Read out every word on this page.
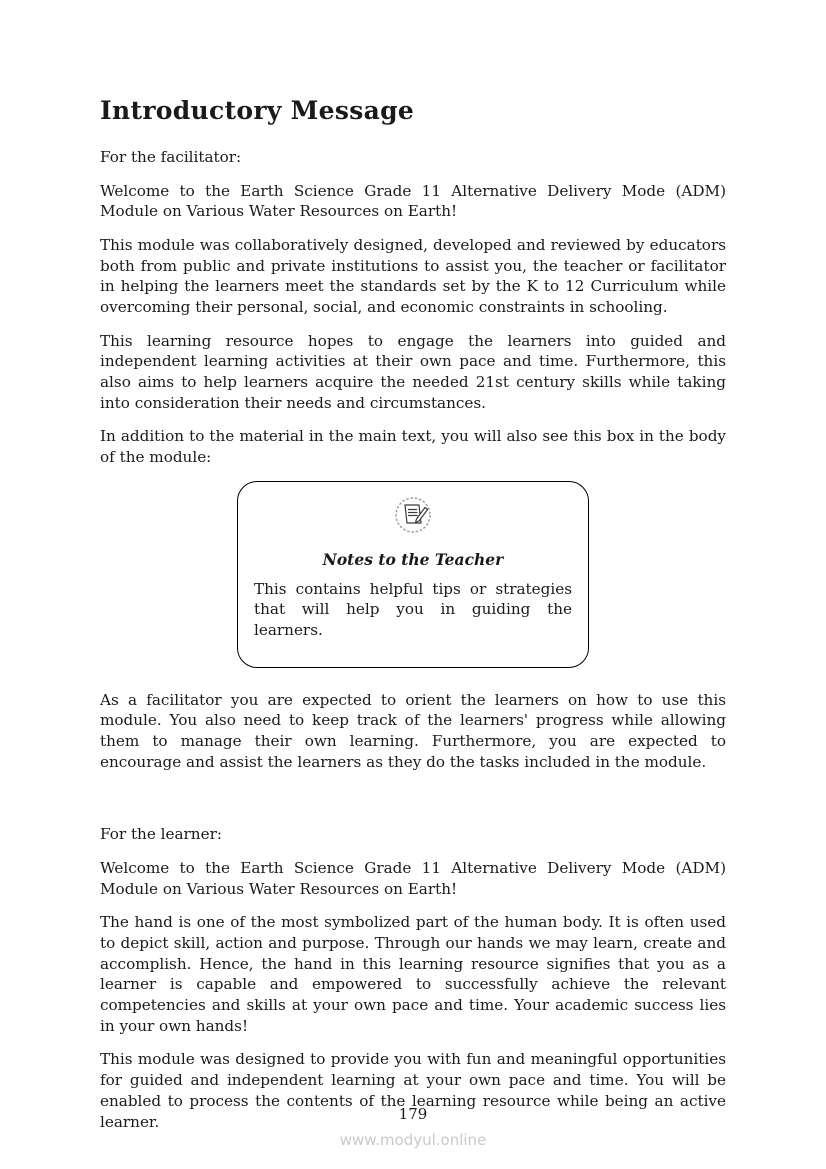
Introductory Message

For the facilitator:

Welcome to the Earth Science Grade 11 Alternative Delivery Mode (ADM) Module on Various Water Resources on Earth!

This module was collaboratively designed, developed and reviewed by educators both from public and private institutions to assist you, the teacher or facilitator in helping the learners meet the standards set by the K to 12 Curriculum while overcoming their personal, social, and economic constraints in schooling.

This learning resource hopes to engage the learners into guided and independent learning activities at their own pace and time. Furthermore, this also aims to help learners acquire the needed 21st century skills while taking into consideration their needs and circumstances.

In addition to the material in the main text, you will also see this box in the body of the module:

Notes to the Teacher
This contains helpful tips or strategies that will help you in guiding the learners.

As a facilitator you are expected to orient the learners on how to use this module. You also need to keep track of the learners' progress while allowing them to manage their own learning. Furthermore, you are expected to encourage and assist the learners as they do the tasks included in the module.

For the learner:

Welcome to the Earth Science Grade 11 Alternative Delivery Mode (ADM) Module on Various Water Resources on Earth!

The hand is one of the most symbolized part of the human body. It is often used to depict skill, action and purpose. Through our hands we may learn, create and accomplish. Hence, the hand in this learning resource signifies that you as a learner is capable and empowered to successfully achieve the relevant competencies and skills at your own pace and time. Your academic success lies in your own hands!

This module was designed to provide you with fun and meaningful opportunities for guided and independent learning at your own pace and time. You will be enabled to process the contents of the learning resource while being an active learner.	179
www.modyul.online
